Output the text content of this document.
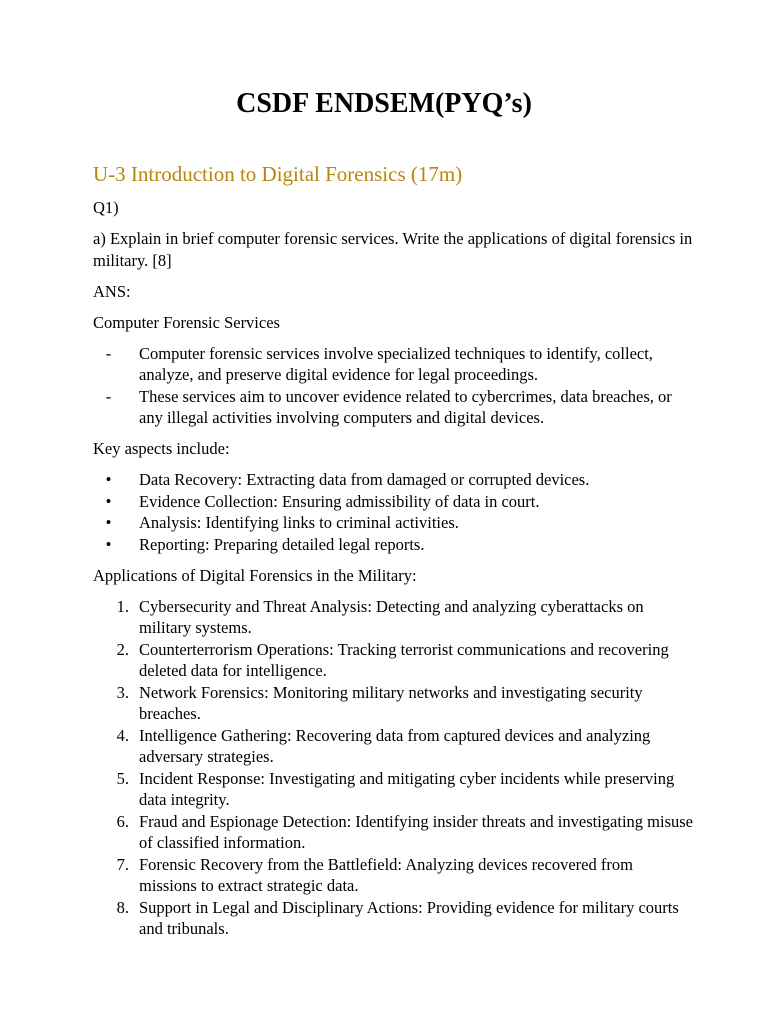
CSDF ENDSEM(PYQ’s)
U-3 Introduction to Digital Forensics (17m)

Q1)

a) Explain in brief computer forensic services. Write the applications of digital forensics in military. [8]

ANS:

Computer Forensic Services

-	Computer forensic services involve specialized techniques to identify, collect, analyze, and preserve digital evidence for legal proceedings.
-	These services aim to uncover evidence related to cybercrimes, data breaches, or any illegal activities involving computers and digital devices.

Key aspects include:

•	Data Recovery: Extracting data from damaged or corrupted devices.
•	Evidence Collection: Ensuring admissibility of data in court.
•	Analysis: Identifying links to criminal activities.
•	Reporting: Preparing detailed legal reports.

Applications of Digital Forensics in the Military:

1. Cybersecurity and Threat Analysis: Detecting and analyzing cyberattacks on military systems.
2. Counterterrorism Operations: Tracking terrorist communications and recovering deleted data for intelligence.
3. Network Forensics: Monitoring military networks and investigating security breaches.
4. Intelligence Gathering: Recovering data from captured devices and analyzing adversary strategies.
5. Incident Response: Investigating and mitigating cyber incidents while preserving data integrity.
6. Fraud and Espionage Detection: Identifying insider threats and investigating misuse of classified information.
7. Forensic Recovery from the Battlefield: Analyzing devices recovered from missions to extract strategic data.
8. Support in Legal and Disciplinary Actions: Providing evidence for military courts and tribunals.
